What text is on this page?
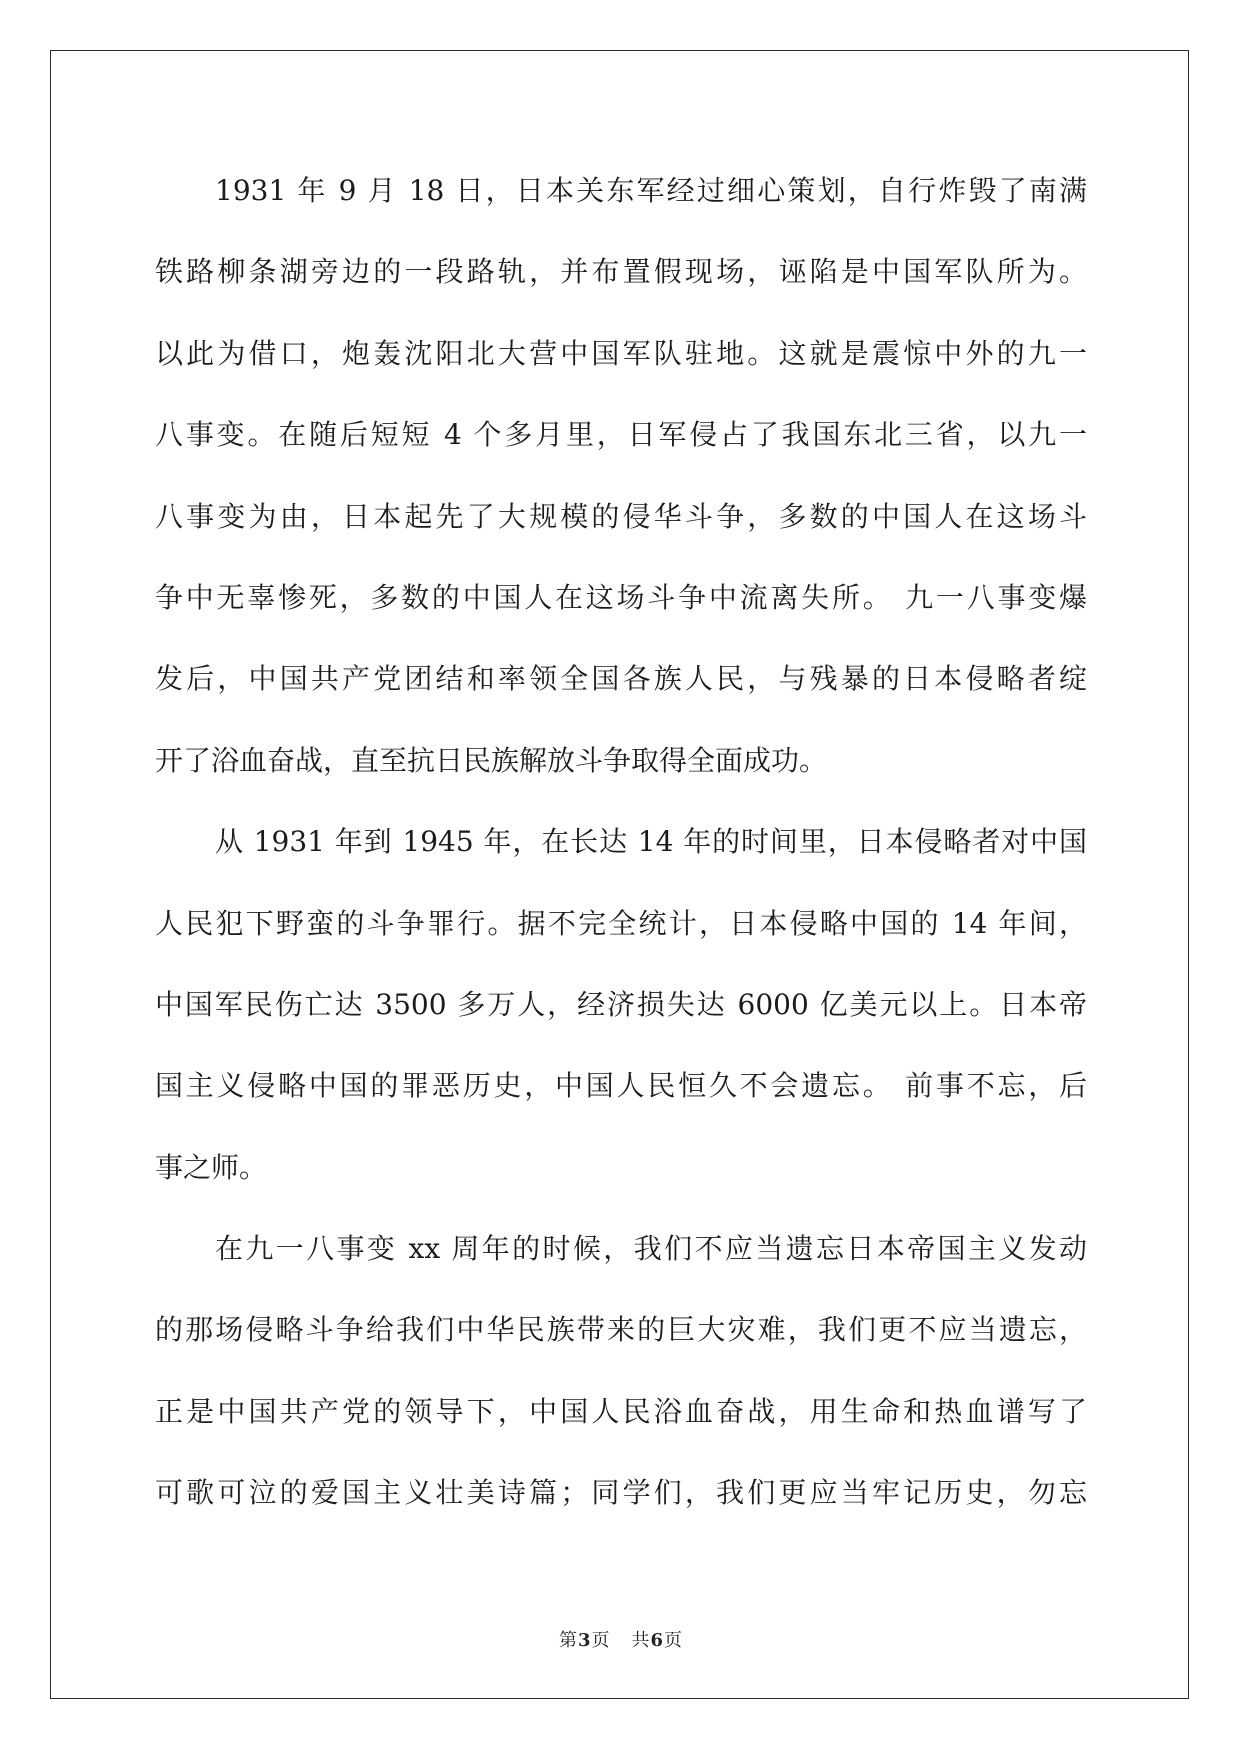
1931 年 9 月 18 日，日本关东军经过细心策划，自行炸毁了南满
铁路柳条湖旁边的一段路轨，并布置假现场，诬陷是中国军队所为。
以此为借口，炮轰沈阳北大营中国军队驻地。这就是震惊中外的九一
八事变。在随后短短 4 个多月里，日军侵占了我国东北三省，以九一
八事变为由，日本起先了大规模的侵华斗争，多数的中国人在这场斗
争中无辜惨死，多数的中国人在这场斗争中流离失所。 九一八事变爆
发后，中国共产党团结和率领全国各族人民，与残暴的日本侵略者绽
开了浴血奋战，直至抗日民族解放斗争取得全面成功。
从 1931 年到 1945 年，在长达 14 年的时间里，日本侵略者对中国
人民犯下野蛮的斗争罪行。据不完全统计，日本侵略中国的 14 年间，
中国军民伤亡达 3500 多万人，经济损失达 6000 亿美元以上。日本帝
国主义侵略中国的罪恶历史，中国人民恒久不会遗忘。 前事不忘，后
事之师。
在九一八事变 xx 周年的时候，我们不应当遗忘日本帝国主义发动
的那场侵略斗争给我们中华民族带来的巨大灾难，我们更不应当遗忘，
正是中国共产党的领导下，中国人民浴血奋战，用生命和热血谱写了
可歌可泣的爱国主义壮美诗篇；同学们，我们更应当牢记历史，勿忘
第3页 共6页
